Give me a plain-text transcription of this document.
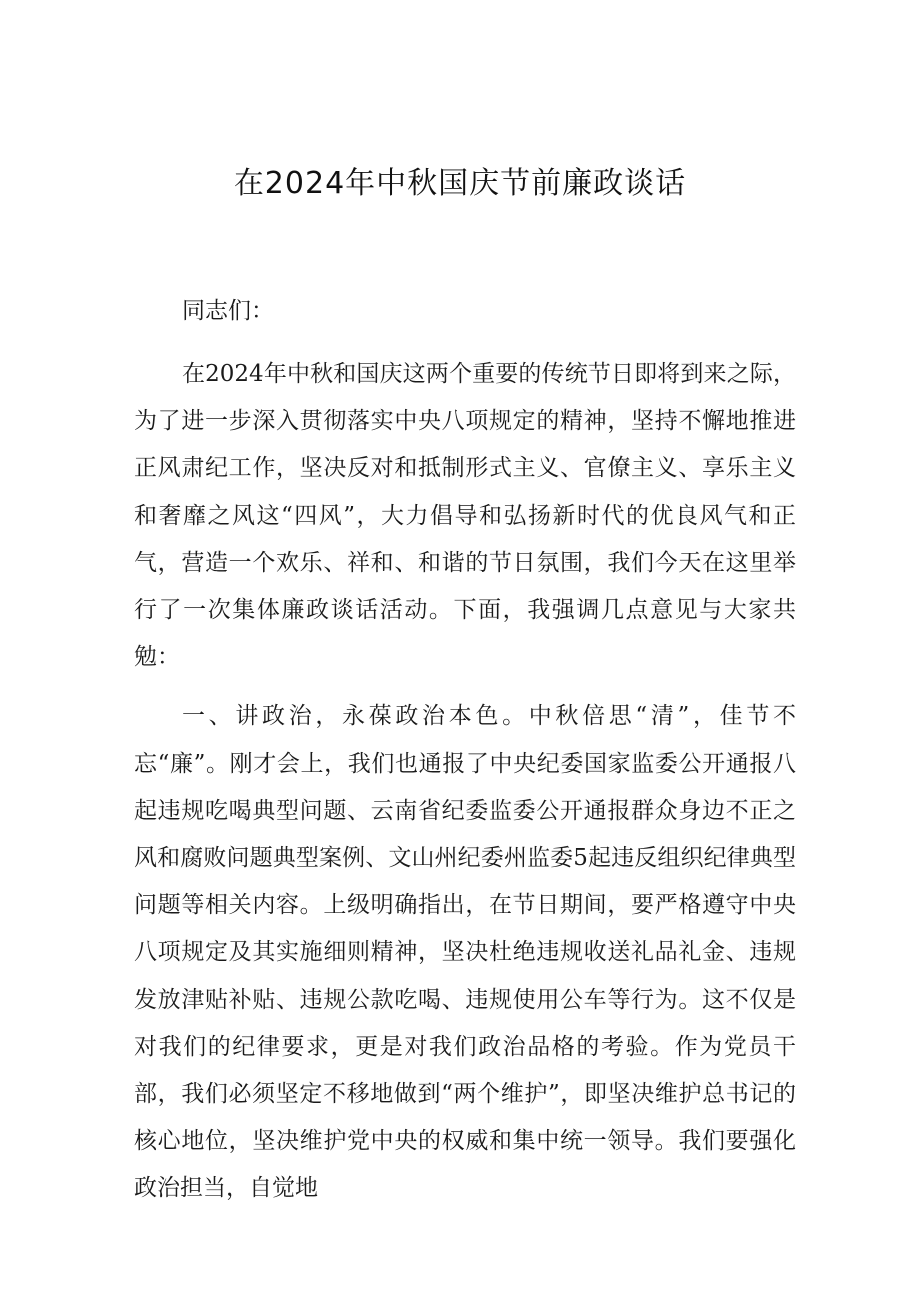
在2024年中秋国庆节前廉政谈话

同志们：

在2024年中秋和国庆这两个重要的传统节日即将到来之际，为了进一步深入贯彻落实中央八项规定的精神，坚持不懈地推进正风肃纪工作，坚决反对和抵制形式主义、官僚主义、享乐主义和奢靡之风这“四风”，大力倡导和弘扬新时代的优良风气和正气，营造一个欢乐、祥和、和谐的节日氛围，我们今天在这里举行了一次集体廉政谈话活动。下面，我强调几点意见与大家共勉：

一、讲政治，永葆政治本色。中秋倍思“清”，佳节不忘“廉”。刚才会上，我们也通报了中央纪委国家监委公开通报八起违规吃喝典型问题、云南省纪委监委公开通报群众身边不正之风和腐败问题典型案例、文山州纪委州监委5起违反组织纪律典型问题等相关内容。上级明确指出，在节日期间，要严格遵守中央八项规定及其实施细则精神，坚决杜绝违规收送礼品礼金、违规发放津贴补贴、违规公款吃喝、违规使用公车等行为。这不仅是对我们的纪律要求，更是对我们政治品格的考验。作为党员干部，我们必须坚定不移地做到“两个维护”，即坚决维护总书记的核心地位，坚决维护党中央的权威和集中统一领导。我们要强化政治担当，自觉地
